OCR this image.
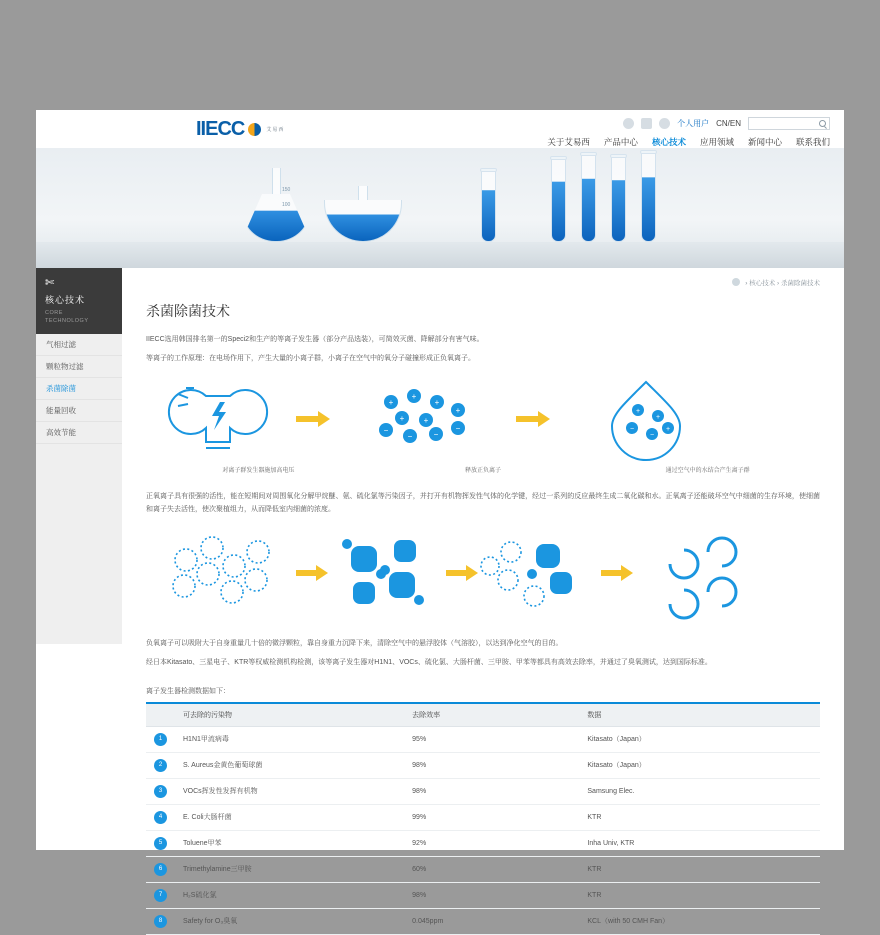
IIECC	艾易西
个人用户 CN/EN
关于艾易西 产品中心 核心技术 应用领域 新闻中心 联系我们
150
100
✄
核心技术
CORE
TECHNOLOGY
气相过滤
颗粒物过滤
杀菌除菌
能量回收
高效节能
› 核心技术 › 杀菌除菌技术
杀菌除菌技术

IIECC选用韩国排名第一的Speci2和生产的等离子发生器（部分产品选装），可简效灭菌、降解部分有害气味。

等离子的工作原理：在电场作用下，产生大量的小离子群，小离子在空气中的氧分子碰撞形成正负氧离子。

+
+
+
+
+ +
−
−	−
−
+
+
−
−
+
对离子群发生器施加高电压	释放正负离子	通过空气中的水结合产生离子群

正氧离子具有很强的活性，能在短期间对周围氧化分解甲烷醚、氨、硫化氯等污染因子，并打开有机物挥发性气体的化学键，经过一系列的反应最终生成二氧化碳和水。正氧离子还能破坏空气中细菌的生存环境，使细菌和离子失去活性，使次聚植组力，从而降低室内细菌的浓度。

负氧离子可以吸附大于自身重量几十倍的微浮颗粒，靠自身重力沉降下来，清除空气中的悬浮胶体（气溶胶），以达到净化空气的目的。

经日本Kitasato、三星电子、KTR等权威检测机构检测，该等离子发生器对H1N1、VOCs、硫化氯、大肠杆菌、三甲胺、甲苯等都具有高效去除率，并通过了臭氧测试，达到国际标准。

离子发生器检测数据如下：
	可去除的污染物	去除效率	数据
1	H1N1甲流病毒	95%	Kitasato（Japan）
2	S. Aureus金黄色葡萄球菌	98%	Kitasato（Japan）
3	VOCs挥发性发挥有机物	98%	Samsung Elec.
4	E. Coli大肠杆菌	99%	KTR
5	Toluene甲苯	92%	Inha Univ, KTR
6	Trimethylamine三甲胺	60%	KTR
7	H₂S硫化氯	98%	KTR
8	Safety for O₃臭氧	0.045ppm	KCL（with 50 CMH Fan）
